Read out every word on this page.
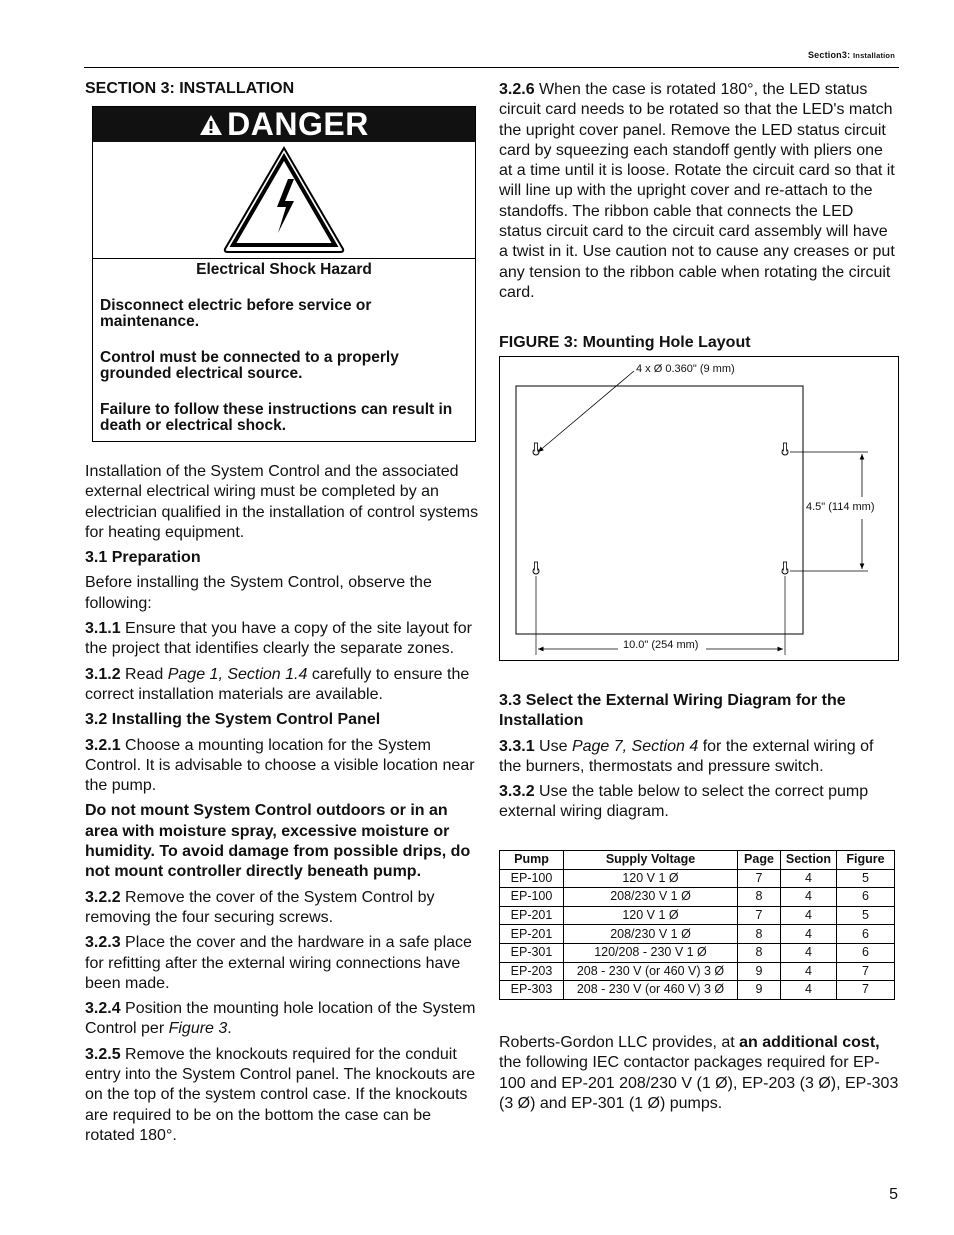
Section3: Installation
SECTION 3: INSTALLATION
DANGER
Electrical Shock Hazard

Disconnect electric before service or maintenance.

Control must be connected to a properly grounded electrical source.

Failure to follow these instructions can result in death or electrical shock.

Installation of the System Control and the associated external electrical wiring must be completed by an electrician qualified in the installation of control systems for heating equipment.

3.1 Preparation

Before installing the System Control, observe the following:

3.1.1 Ensure that you have a copy of the site layout for the project that identifies clearly the separate zones.

3.1.2 Read Page 1, Section 1.4 carefully to ensure the correct installation materials are available.

3.2 Installing the System Control Panel

3.2.1 Choose a mounting location for the System Control. It is advisable to choose a visible location near the pump.

Do not mount System Control outdoors or in an area with moisture spray, excessive moisture or humidity. To avoid damage from possible drips, do not mount controller directly beneath pump.

3.2.2 Remove the cover of the System Control by removing the four securing screws.

3.2.3 Place the cover and the hardware in a safe place for refitting after the external wiring connections have been made.

3.2.4 Position the mounting hole location of the System Control per Figure 3.

3.2.5 Remove the knockouts required for the conduit entry into the System Control panel. The knockouts are on the top of the system control case. If the knockouts are required to be on the bottom the case can be rotated 180°.

3.2.6 When the case is rotated 180°, the LED status circuit card needs to be rotated so that the LED's match the upright cover panel. Remove the LED status circuit card by squeezing each standoff gently with pliers one at a time until it is loose. Rotate the circuit card so that it will line up with the upright cover and re-attach to the standoffs. The ribbon cable that connects the LED status circuit card to the circuit card assembly will have a twist in it. Use caution not to cause any creases or put any tension to the ribbon cable when rotating the circuit card.

FIGURE 3: Mounting Hole Layout
4 x Ø 0.360" (9 mm)
4.5" (114 mm)
10.0" (254 mm)

3.3 Select the External Wiring Diagram for the Installation

3.3.1 Use Page 7, Section 4 for the external wiring of the burners, thermostats and pressure switch.

3.3.2 Use the table below to select the correct pump external wiring diagram.

Pump	Supply Voltage	Page	Section	Figure
EP-100	120 V 1 Ø	7	4	5
EP-100	208/230 V 1 Ø	8	4	6
EP-201	120 V 1 Ø	7	4	5
EP-201	208/230 V 1 Ø	8	4	6
EP-301	120/208 - 230 V 1 Ø	8	4	6
EP-203	208 - 230 V (or 460 V) 3 Ø	9	4	7
EP-303	208 - 230 V (or 460 V) 3 Ø	9	4	7

Roberts-Gordon LLC provides, at an additional cost, the following IEC contactor packages required for EP-100 and EP-201 208/230 V (1 Ø), EP-203 (3 Ø), EP-303 (3 Ø) and EP-301 (1 Ø) pumps.

5
